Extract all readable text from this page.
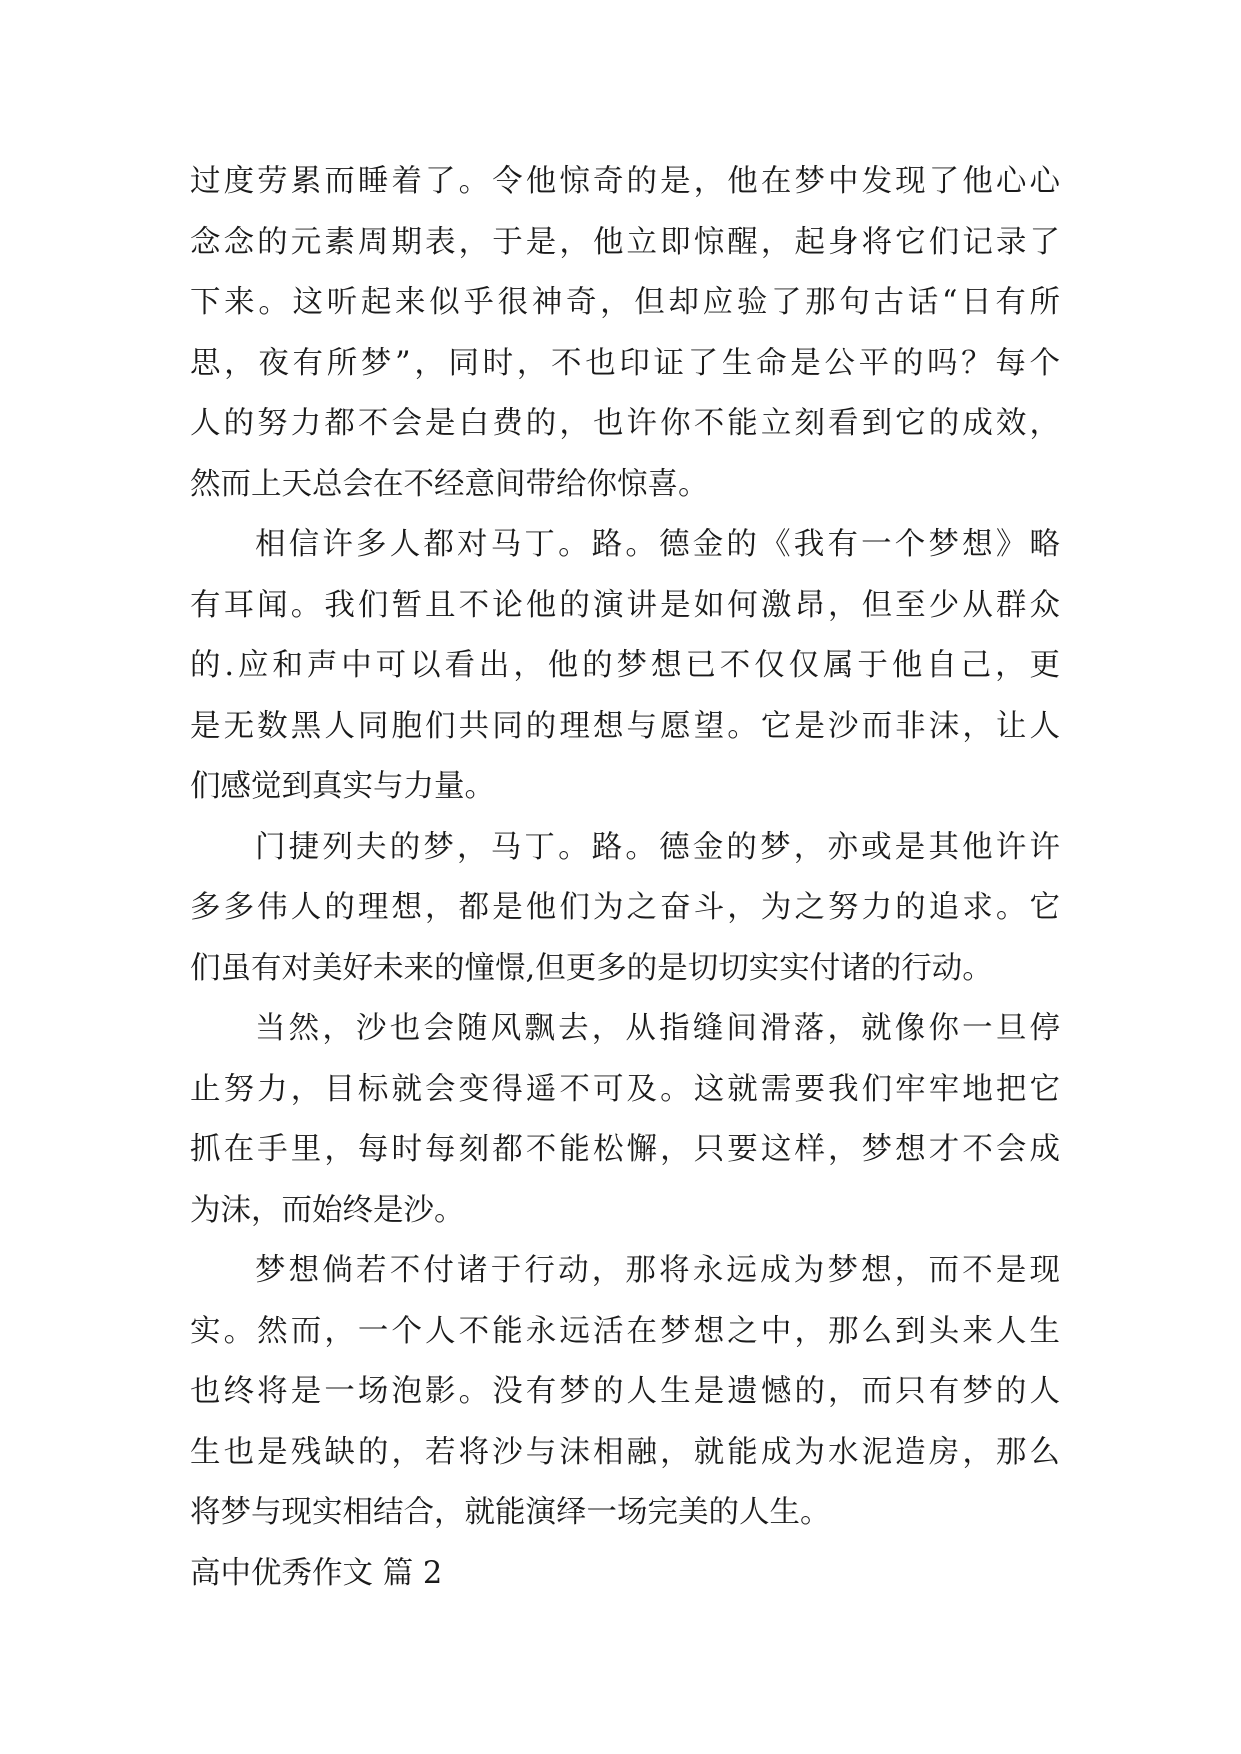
过度劳累而睡着了。令他惊奇的是，他在梦中发现了他心心
念念的元素周期表，于是，他立即惊醒，起身将它们记录了
下来。这听起来似乎很神奇，但却应验了那句古话“日有所
思，夜有所梦”，同时，不也印证了生命是公平的吗？每个
人的努力都不会是白费的，也许你不能立刻看到它的成效，
然而上天总会在不经意间带给你惊喜。
相信许多人都对马丁。路。德金的《我有一个梦想》略
有耳闻。我们暂且不论他的演讲是如何激昂，但至少从群众
的.应和声中可以看出，他的梦想已不仅仅属于他自己，更
是无数黑人同胞们共同的理想与愿望。它是沙而非沫，让人
们感觉到真实与力量。
门捷列夫的梦，马丁。路。德金的梦，亦或是其他许许
多多伟人的理想，都是他们为之奋斗，为之努力的追求。它
们虽有对美好未来的憧憬,但更多的是切切实实付诸的行动。
当然，沙也会随风飘去，从指缝间滑落，就像你一旦停
止努力，目标就会变得遥不可及。这就需要我们牢牢地把它
抓在手里，每时每刻都不能松懈，只要这样，梦想才不会成
为沫，而始终是沙。
梦想倘若不付诸于行动，那将永远成为梦想，而不是现
实。然而，一个人不能永远活在梦想之中，那么到头来人生
也终将是一场泡影。没有梦的人生是遗憾的，而只有梦的人
生也是残缺的，若将沙与沫相融，就能成为水泥造房，那么
将梦与现实相结合，就能演绎一场完美的人生。
高中优秀作文 篇 2
